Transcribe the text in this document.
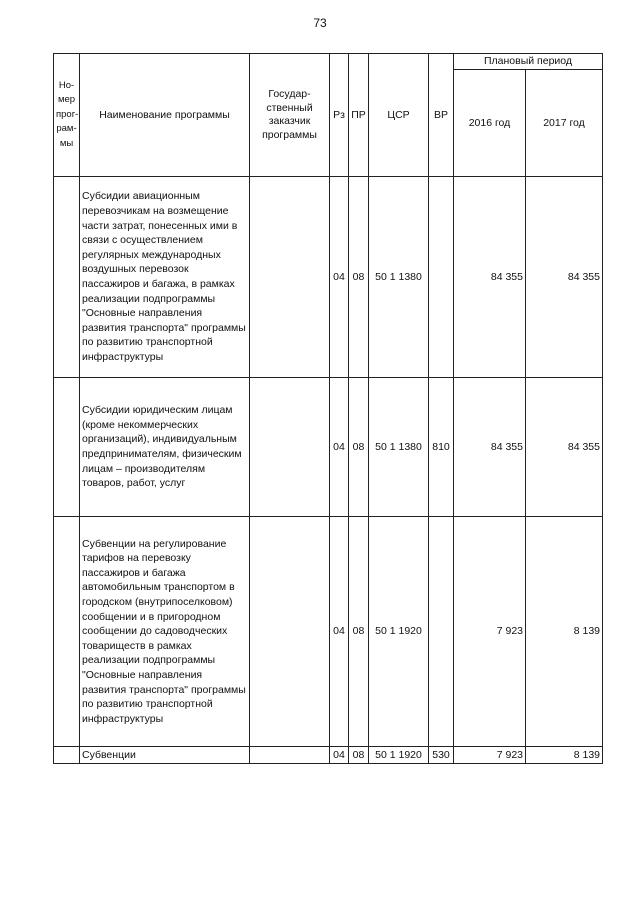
73
Но-
мер
прог-
рам-
мы	Наименование программы	Государ-
ственный
заказчик
программы	Рз	ПР	ЦСР	ВР	Плановый период	
							2016 год	2017 год
	Субсидии авиационным перевозчикам на возмещение части затрат, понесенных ими в связи с осуществлением регулярных международных воздушных перевозок пассажиров и багажа, в рамках реализации подпрограммы "Основные направления развития транспорта" программы по развитию транспортной инфраструктуры		04	08	50 1 1380		84 355	84 355
	Субсидии юридическим лицам (кроме некоммерческих организаций), индивидуальным предпринимателям, физическим лицам – производителям товаров, работ, услуг		04	08	50 1 1380	810	84 355	84 355
	Субвенции на регулирование тарифов на перевозку пассажиров и багажа автомобильным транспортом в городском (внутрипоселковом) сообщении и в пригородном сообщении до садоводческих товариществ в рамках реализации подпрограммы "Основные направления развития транспорта" программы по развитию транспортной инфраструктуры		04	08	50 1 1920		7 923	8 139
	Субвенции		04	08	50 1 1920	530	7 923	8 139
